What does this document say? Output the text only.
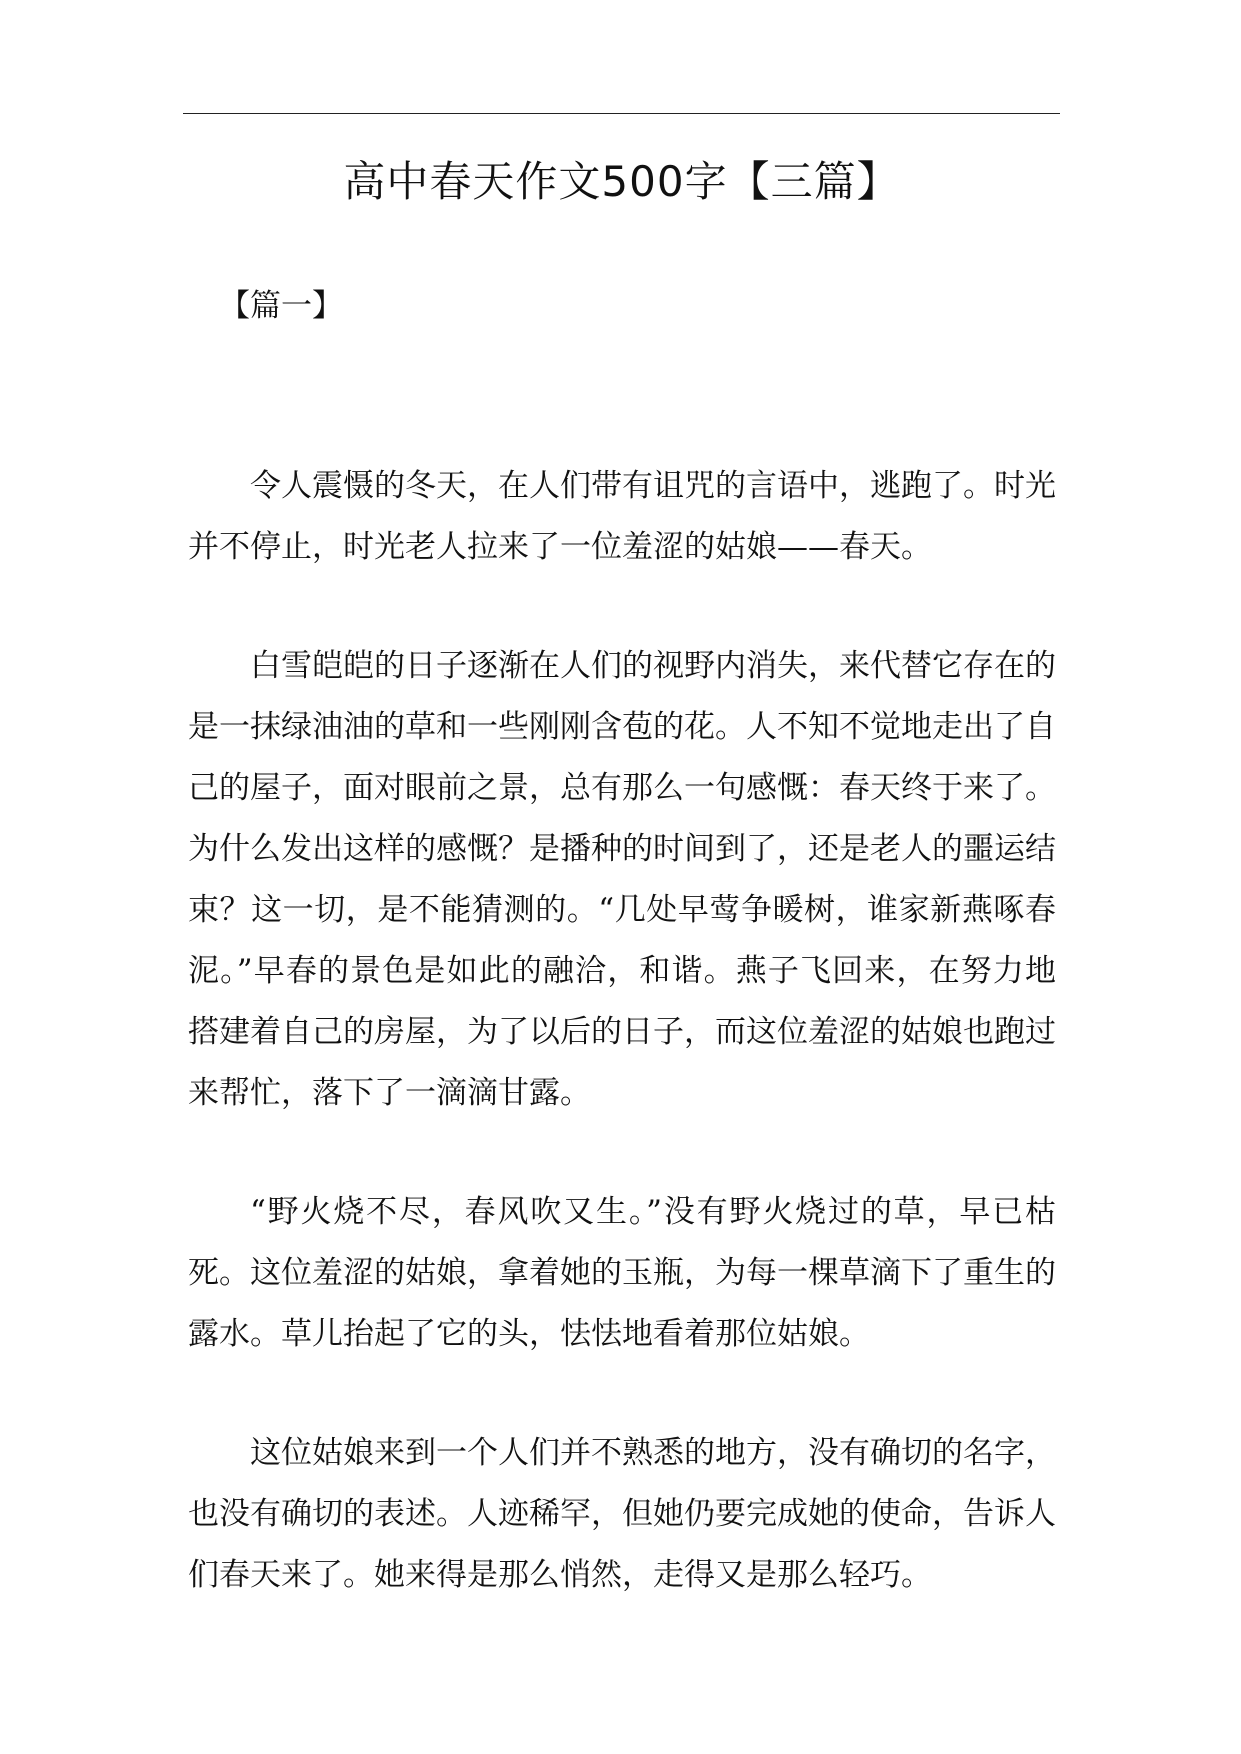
高中春天作文500字【三篇】
【篇一】

令人震慑的冬天，在人们带有诅咒的言语中，逃跑了。时光并不停止，时光老人拉来了一位羞涩的姑娘——春天。

白雪皑皑的日子逐渐在人们的视野内消失，来代替它存在的是一抹绿油油的草和一些刚刚含苞的花。人不知不觉地走出了自己的屋子，面对眼前之景，总有那么一句感慨：春天终于来了。为什么发出这样的感慨？是播种的时间到了，还是老人的噩运结束？这一切，是不能猜测的。“几处早莺争暖树，谁家新燕啄春泥。”早春的景色是如此的融洽，和谐。燕子飞回来，在努力地搭建着自己的房屋，为了以后的日子，而这位羞涩的姑娘也跑过来帮忙，落下了一滴滴甘露。

“野火烧不尽，春风吹又生。”没有野火烧过的草，早已枯死。这位羞涩的姑娘，拿着她的玉瓶，为每一棵草滴下了重生的露水。草儿抬起了它的头，怯怯地看着那位姑娘。

这位姑娘来到一个人们并不熟悉的地方，没有确切的名字，也没有确切的表述。人迹稀罕，但她仍要完成她的使命，告诉人们春天来了。她来得是那么悄然，走得又是那么轻巧。
